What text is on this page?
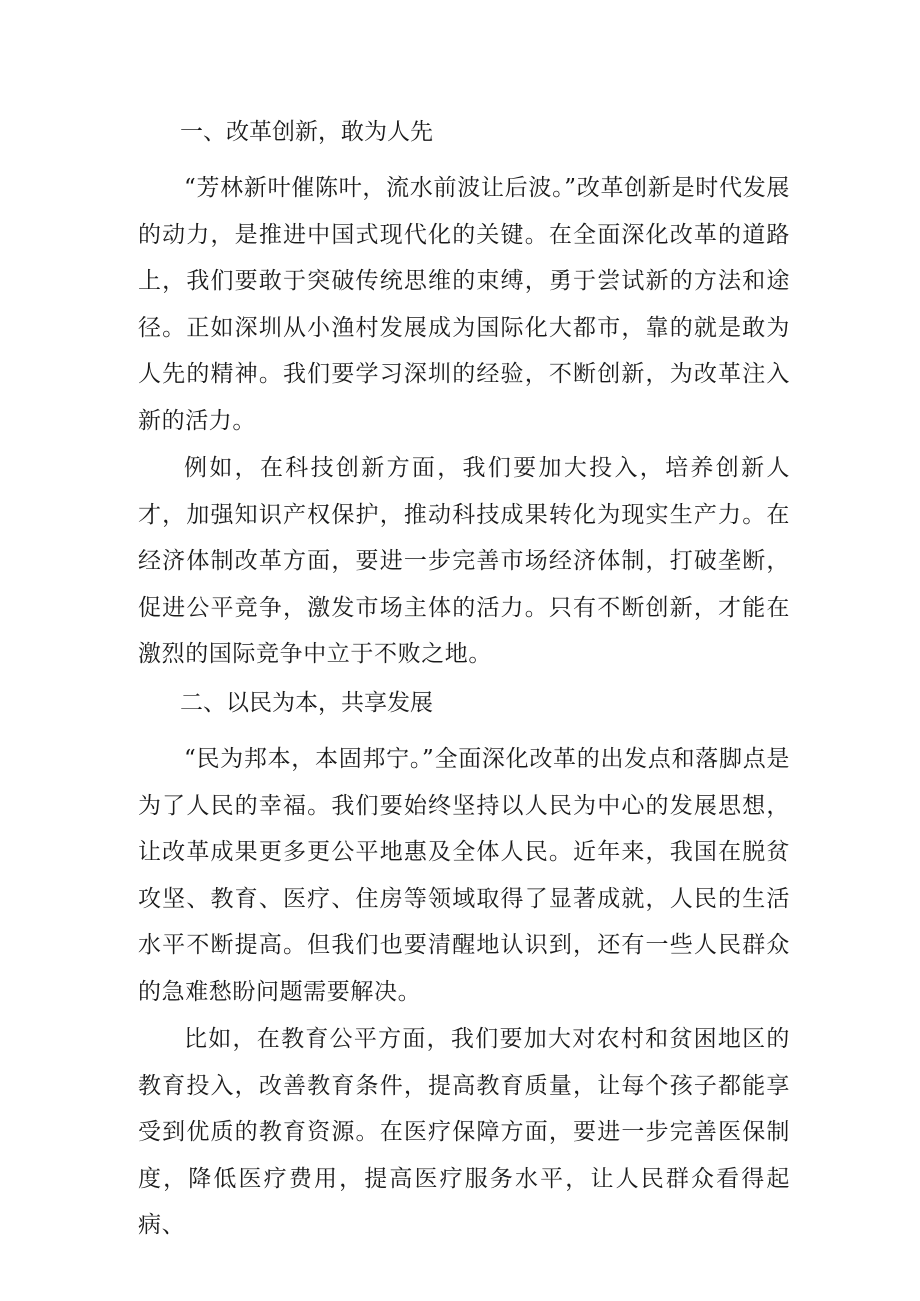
一、改革创新，敢为人先

“芳林新叶催陈叶，流水前波让后波。”改革创新是时代发展的动力，是推进中国式现代化的关键。在全面深化改革的道路上，我们要敢于突破传统思维的束缚，勇于尝试新的方法和途径。正如深圳从小渔村发展成为国际化大都市，靠的就是敢为人先的精神。我们要学习深圳的经验，不断创新，为改革注入新的活力。

例如，在科技创新方面，我们要加大投入，培养创新人才，加强知识产权保护，推动科技成果转化为现实生产力。在经济体制改革方面，要进一步完善市场经济体制，打破垄断，促进公平竞争，激发市场主体的活力。只有不断创新，才能在激烈的国际竞争中立于不败之地。

二、以民为本，共享发展

“民为邦本，本固邦宁。”全面深化改革的出发点和落脚点是为了人民的幸福。我们要始终坚持以人民为中心的发展思想，让改革成果更多更公平地惠及全体人民。近年来，我国在脱贫攻坚、教育、医疗、住房等领域取得了显著成就，人民的生活水平不断提高。但我们也要清醒地认识到，还有一些人民群众的急难愁盼问题需要解决。

比如，在教育公平方面，我们要加大对农村和贫困地区的教育投入，改善教育条件，提高教育质量，让每个孩子都能享受到优质的教育资源。在医疗保障方面，要进一步完善医保制度，降低医疗费用，提高医疗服务水平，让人民群众看得起病、
